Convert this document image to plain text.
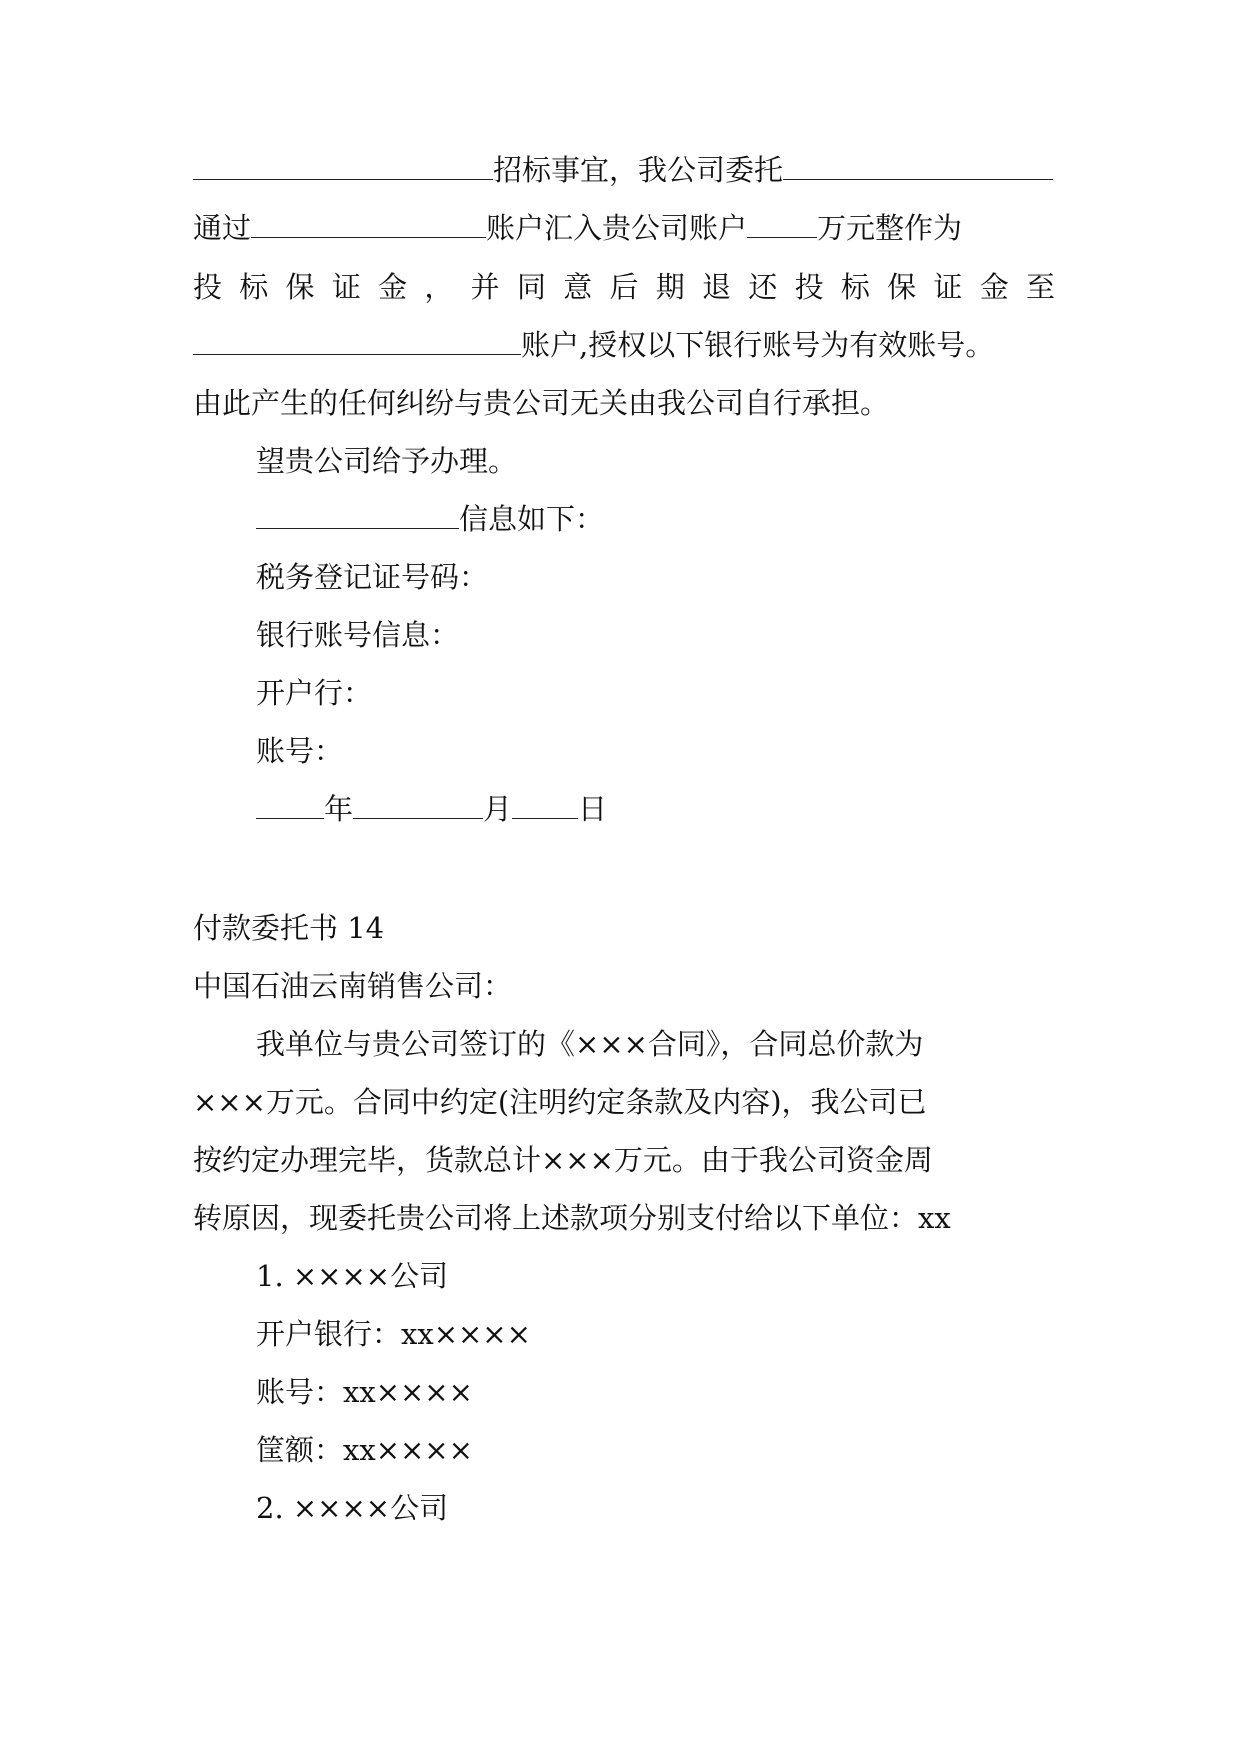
招标事宜，我公司委托
通过	账户汇入贵公司账户 万元整作为
投标保证金，并同意后期退还投标保证金至
账户,授权以下银行账号为有效账号。
由此产生的任何纠纷与贵公司无关由我公司自行承担。
望贵公司给予办理。
信息如下：
税务登记证号码：
银行账号信息：
开户行：
账号：
年	月 日
付款委托书 14
中国石油云南销售公司：
我单位与贵公司签订的《×××合同》，合同总价款为
×××万元。合同中约定(注明约定条款及内容)，我公司已
按约定办理完毕，货款总计×××万元。由于我公司资金周
转原因，现委托贵公司将上述款项分别支付给以下单位：xx
1. ××××公司
开户银行：xx××××
账号：xx××××
筐额：xx××××
2. ××××公司
